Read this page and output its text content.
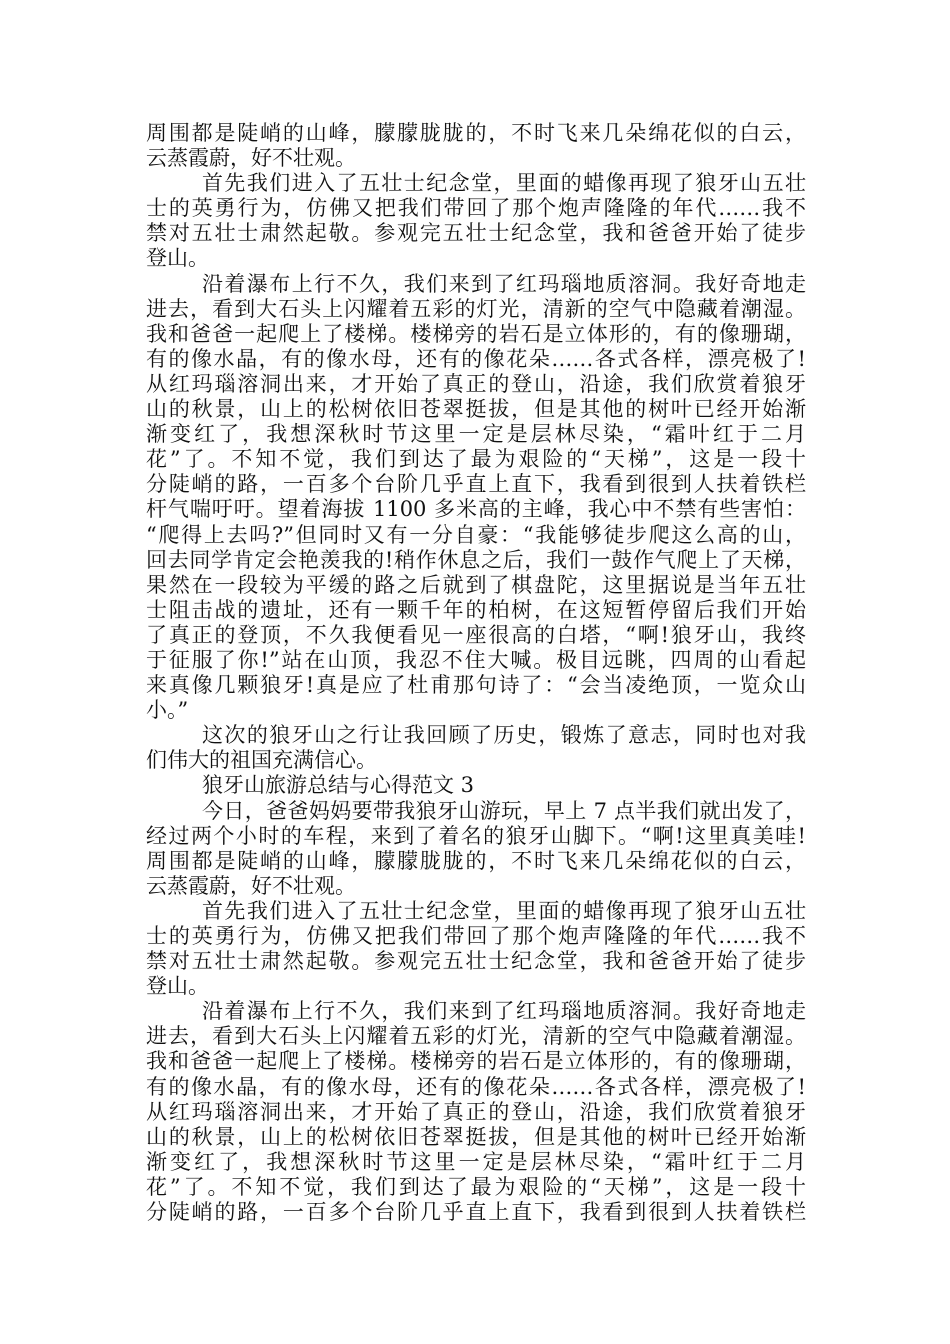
周围都是陡峭的山峰，朦朦胧胧的，不时飞来几朵绵花似的白云，
云蒸霞蔚，好不壮观。
首先我们进入了五壮士纪念堂，里面的蜡像再现了狼牙山五壮
士的英勇行为，仿佛又把我们带回了那个炮声隆隆的年代……我不
禁对五壮士肃然起敬。参观完五壮士纪念堂，我和爸爸开始了徒步
登山。
沿着瀑布上行不久，我们来到了红玛瑙地质溶洞。我好奇地走
进去，看到大石头上闪耀着五彩的灯光，清新的空气中隐藏着潮湿。
我和爸爸一起爬上了楼梯。楼梯旁的岩石是立体形的，有的像珊瑚，
有的像水晶，有的像水母，还有的像花朵……各式各样，漂亮极了!
从红玛瑙溶洞出来，才开始了真正的登山，沿途，我们欣赏着狼牙
山的秋景，山上的松树依旧苍翠挺拔，但是其他的树叶已经开始渐
渐变红了，我想深秋时节这里一定是层林尽染，“霜叶红于二月
花”了。不知不觉，我们到达了最为艰险的“天梯”，这是一段十
分陡峭的路，一百多个台阶几乎直上直下，我看到很到人扶着铁栏
杆气喘吁吁。望着海拔 1100 多米高的主峰，我心中不禁有些害怕：
“爬得上去吗?”但同时又有一分自豪：“我能够徒步爬这么高的山，
回去同学肯定会艳羡我的!稍作休息之后，我们一鼓作气爬上了天梯，
果然在一段较为平缓的路之后就到了棋盘陀，这里据说是当年五壮
士阻击战的遗址，还有一颗千年的柏树，在这短暂停留后我们开始
了真正的登顶，不久我便看见一座很高的白塔，“啊!狼牙山，我终
于征服了你!”站在山顶，我忍不住大喊。极目远眺，四周的山看起
来真像几颗狼牙!真是应了杜甫那句诗了：“会当凌绝顶，一览众山
小。”
这次的狼牙山之行让我回顾了历史，锻炼了意志，同时也对我
们伟大的祖国充满信心。
狼牙山旅游总结与心得范文 3
今日，爸爸妈妈要带我狼牙山游玩，早上 7 点半我们就出发了，
经过两个小时的车程，来到了着名的狼牙山脚下。“啊!这里真美哇!
周围都是陡峭的山峰，朦朦胧胧的，不时飞来几朵绵花似的白云，
云蒸霞蔚，好不壮观。
首先我们进入了五壮士纪念堂，里面的蜡像再现了狼牙山五壮
士的英勇行为，仿佛又把我们带回了那个炮声隆隆的年代……我不
禁对五壮士肃然起敬。参观完五壮士纪念堂，我和爸爸开始了徒步
登山。
沿着瀑布上行不久，我们来到了红玛瑙地质溶洞。我好奇地走
进去，看到大石头上闪耀着五彩的灯光，清新的空气中隐藏着潮湿。
我和爸爸一起爬上了楼梯。楼梯旁的岩石是立体形的，有的像珊瑚，
有的像水晶，有的像水母，还有的像花朵……各式各样，漂亮极了!
从红玛瑙溶洞出来，才开始了真正的登山，沿途，我们欣赏着狼牙
山的秋景，山上的松树依旧苍翠挺拔，但是其他的树叶已经开始渐
渐变红了，我想深秋时节这里一定是层林尽染，“霜叶红于二月
花”了。不知不觉，我们到达了最为艰险的“天梯”，这是一段十
分陡峭的路，一百多个台阶几乎直上直下，我看到很到人扶着铁栏
